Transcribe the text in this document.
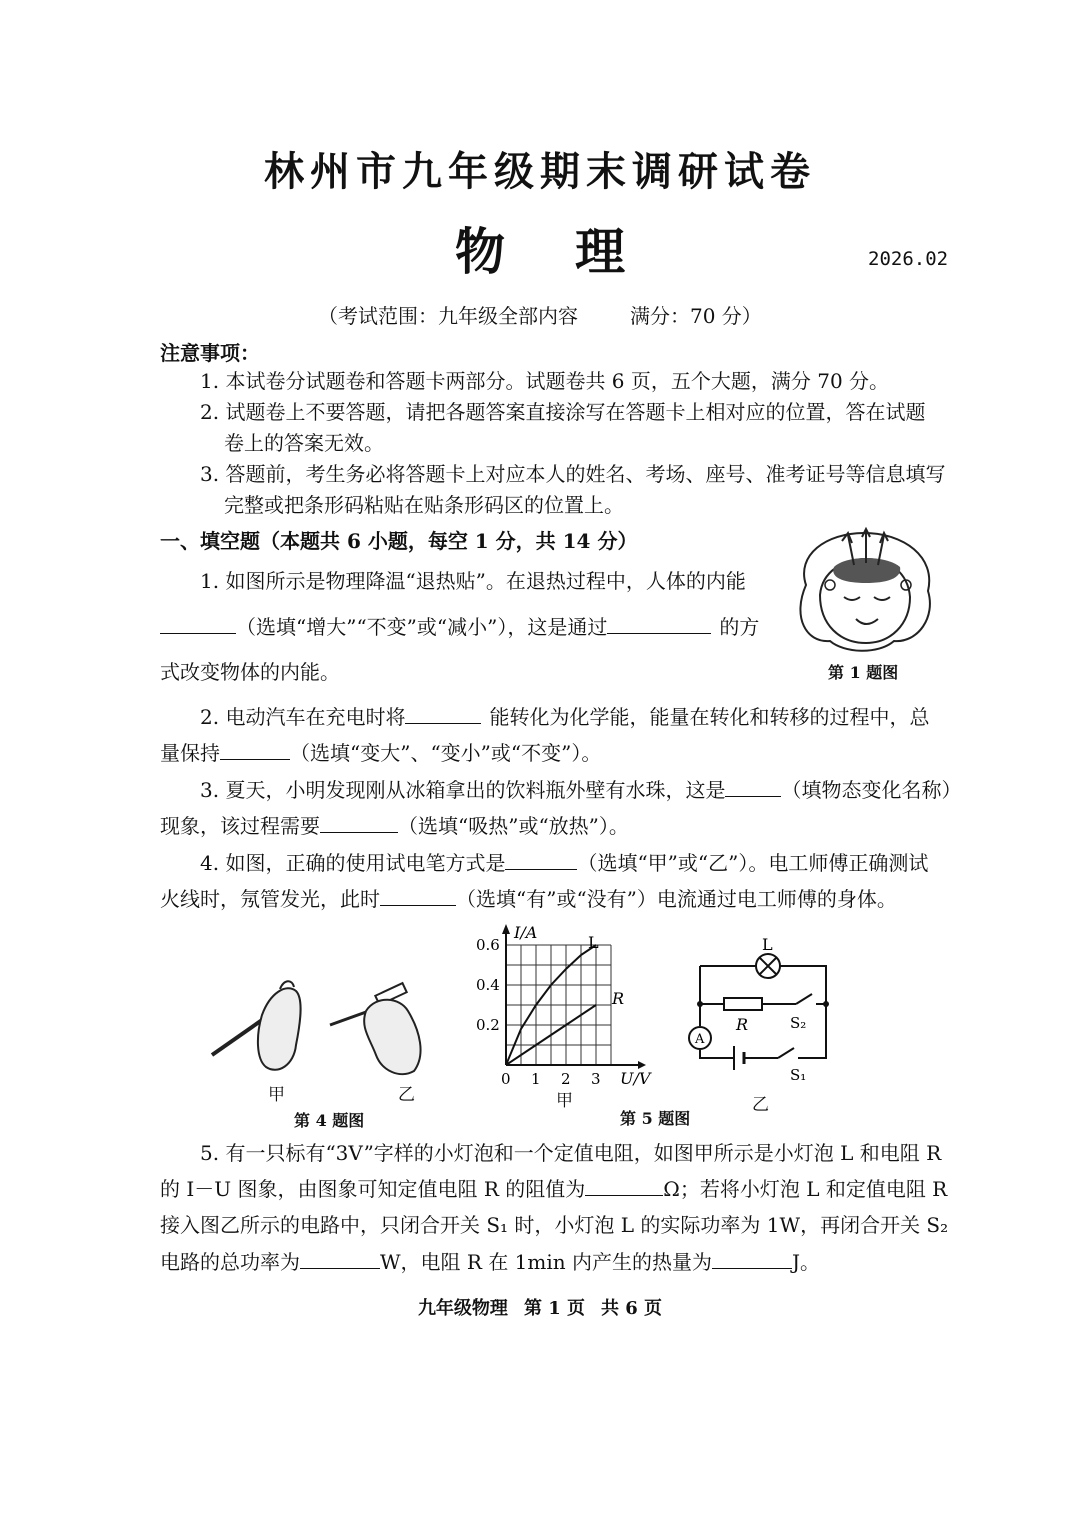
林州市九年级期末调研试卷
物理	2026.02
（考试范围：九年级全部内容	满分：70 分）
注意事项：
1. 本试卷分试题卷和答题卡两部分。试题卷共 6 页，五个大题，满分 70 分。
2. 试题卷上不要答题，请把各题答案直接涂写在答题卡上相对应的位置，答在试题
卷上的答案无效。
3. 答题前，考生务必将答题卡上对应本人的姓名、考场、座号、准考证号等信息填写
完整或把条形码粘贴在贴条形码区的位置上。
一、填空题（本题共 6 小题，每空 1 分，共 14 分）
1. 如图所示是物理降温“退热贴”。在退热过程中，人体的内能
（选填“增大”“不变”或“减小”），这是通过	的方
式改变物体的内能。	第 1 题图
2. 电动汽车在充电时将	能转化为化学能，能量在转化和转移的过程中，总
量保持	（选填“变大”、“变小”或“不变”）。
3. 夏天，小明发现刚从冰箱拿出的饮料瓶外壁有水珠，这是	（填物态变化名称）
现象，该过程需要	（选填“吸热”或“放热”）。
4. 如图，正确的使用试电笔方式是	（选填“甲”或“乙”）。电工师傅正确测试
火线时，氖管发光，此时	（选填“有”或“没有”）电流通过电工师傅的身体。
甲	乙
第 4 题图
I/A
U/V
0.6
0.4
0.2
0 1 2 3
L
R
甲
L
R
A
S₂
S₁
乙
第 5 题图
5. 有一只标有“3V”字样的小灯泡和一个定值电阻，如图甲所示是小灯泡 L 和电阻 R
的 I－U 图象，由图象可知定值电阻 R 的阻值为	Ω；若将小灯泡 L 和定值电阻 R
接入图乙所示的电路中，只闭合开关 S₁ 时，小灯泡 L 的实际功率为 1W，再闭合开关 S₂
电路的总功率为	W，电阻 R 在 1min 内产生的热量为	J。
九年级物理 第 1 页 共 6 页
